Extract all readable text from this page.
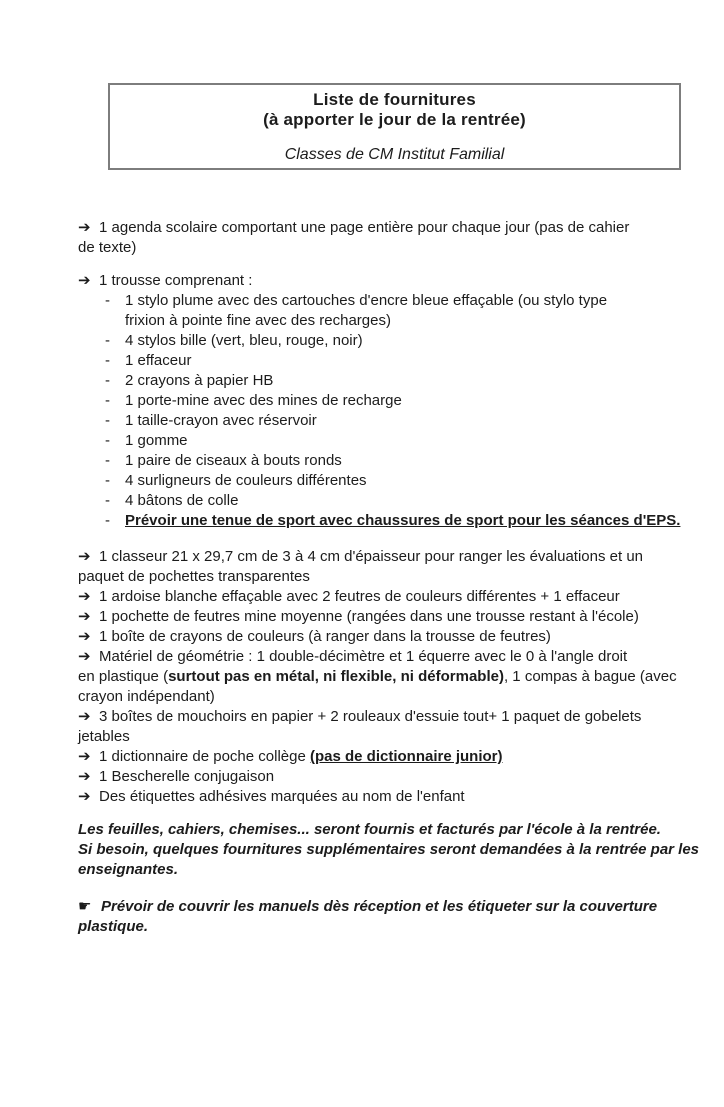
Liste de fournitures
(à apporter le jour de la rentrée)
Classes de CM Institut Familial
➔ 1 agenda scolaire comportant une page entière pour chaque jour (pas de cahier
de texte)
➔ 1 trousse comprenant :
- 1 stylo plume avec des cartouches d'encre bleue effaçable (ou stylo type
frixion à pointe fine avec des recharges)
- 4 stylos bille (vert, bleu, rouge, noir)
- 1 effaceur
- 2 crayons à papier HB
- 1 porte-mine avec des mines de recharge
- 1 taille-crayon avec réservoir
- 1 gomme
- 1 paire de ciseaux à bouts ronds
- 4 surligneurs de couleurs différentes
- 4 bâtons de colle
- Prévoir une tenue de sport avec chaussures de sport pour les séances d'EPS.
➔ 1 classeur 21 x 29,7 cm de 3 à 4 cm d'épaisseur pour ranger les évaluations et un
paquet de pochettes transparentes
➔ 1 ardoise blanche effaçable avec 2 feutres de couleurs différentes + 1 effaceur
➔ 1 pochette de feutres mine moyenne (rangées dans une trousse restant à l'école)
➔ 1 boîte de crayons de couleurs (à ranger dans la trousse de feutres)
➔ Matériel de géométrie : 1 double-décimètre et 1 équerre avec le 0 à l'angle droit
en plastique (surtout pas en métal, ni flexible, ni déformable), 1 compas à bague (avec
crayon indépendant)
➔ 3 boîtes de mouchoirs en papier + 2 rouleaux d'essuie tout+ 1 paquet de gobelets
jetables
➔ 1 dictionnaire de poche collège (pas de dictionnaire junior)
➔ 1 Bescherelle conjugaison
➔ Des étiquettes adhésives marquées au nom de l'enfant
Les feuilles, cahiers, chemises... seront fournis et facturés par l'école à la rentrée.
Si besoin, quelques fournitures supplémentaires seront demandées à la rentrée par les
enseignantes.
☛ Prévoir de couvrir les manuels dès réception et les étiqueter sur la couverture
plastique.
